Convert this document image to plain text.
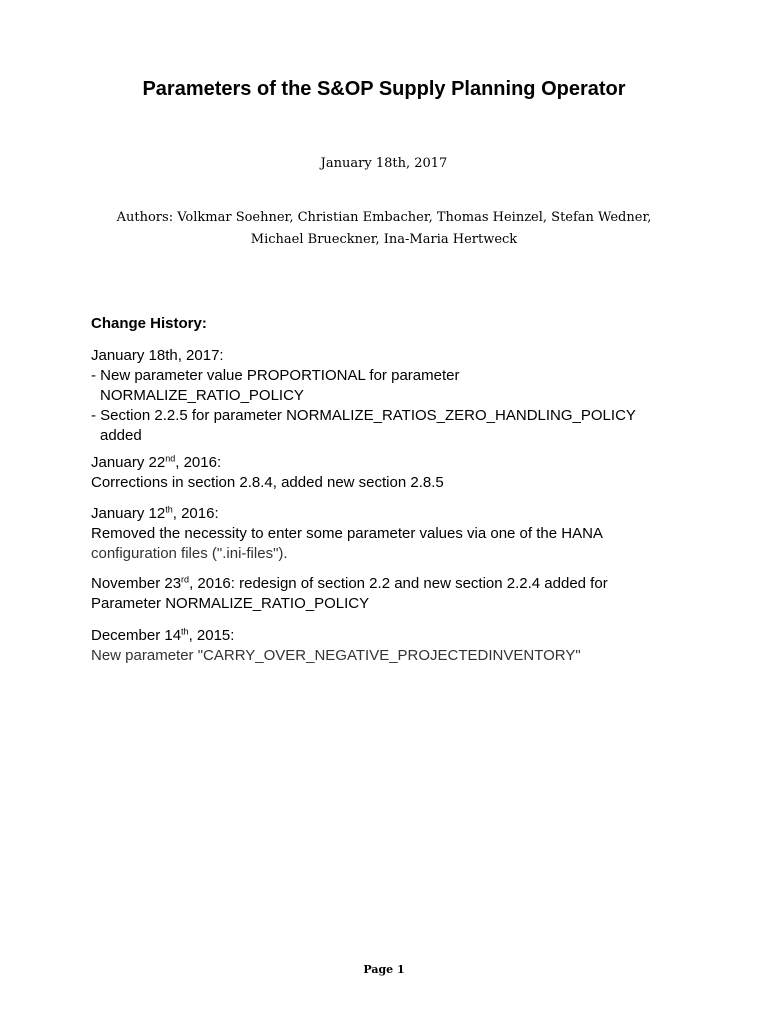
Parameters of the S&OP Supply Planning Operator
January 18th, 2017
Authors: Volkmar Soehner, Christian Embacher, Thomas Heinzel, Stefan Wedner,
Michael Brueckner, Ina-Maria Hertweck
Change History:

January 18th, 2017:

- New parameter value PROPORTIONAL for parameter

NORMALIZE_RATIO_POLICY

- Section 2.2.5 for parameter NORMALIZE_RATIOS_ZERO_HANDLING_POLICY

added

January 22nd, 2016:

Corrections in section 2.8.4, added new section 2.8.5

January 12th, 2016:

Removed the necessity to enter some parameter values via one of the HANA

configuration files (".ini-files").

November 23rd, 2016: redesign of section 2.2 and new section 2.2.4 added for

Parameter NORMALIZE_RATIO_POLICY

December 14th, 2015:

New parameter "CARRY_OVER_NEGATIVE_PROJECTEDINVENTORY"

Page 1
